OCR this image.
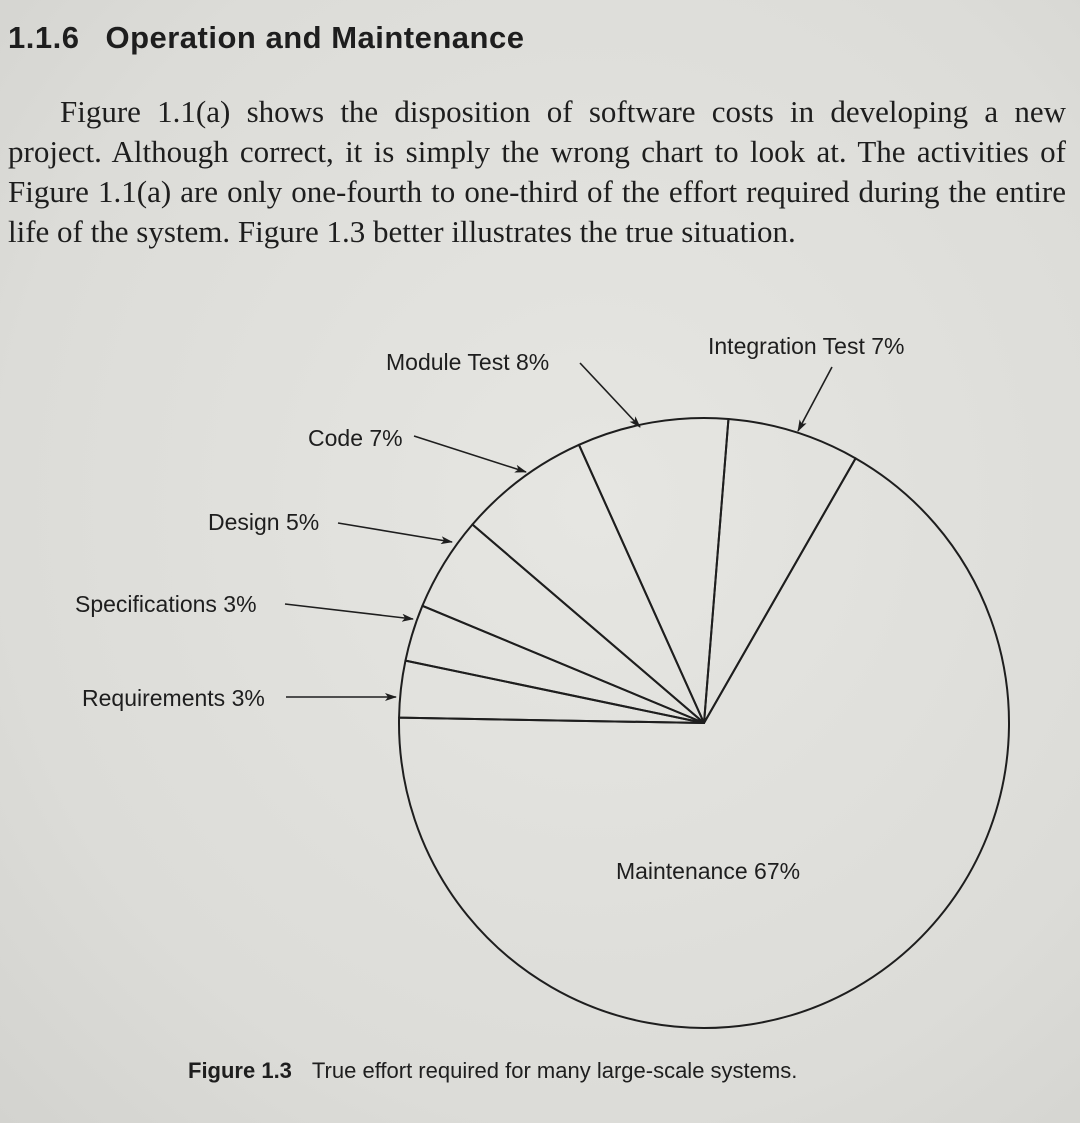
1.1.6 Operation and Maintenance

Figure 1.1(a) shows the disposition of software costs in developing a new project. Although correct, it is simply the wrong chart to look at. The activities of Figure 1.1(a) are only one-fourth to one-third of the effort required during the entire life of the system. Figure 1.3 better illustrates the true situation.

Requirements 3%
Specifications 3%
Design 5%
Code 7%
Module Test 8%
Integration Test 7%
Maintenance 67%
Figure 1.3 True effort required for many large-scale systems.
